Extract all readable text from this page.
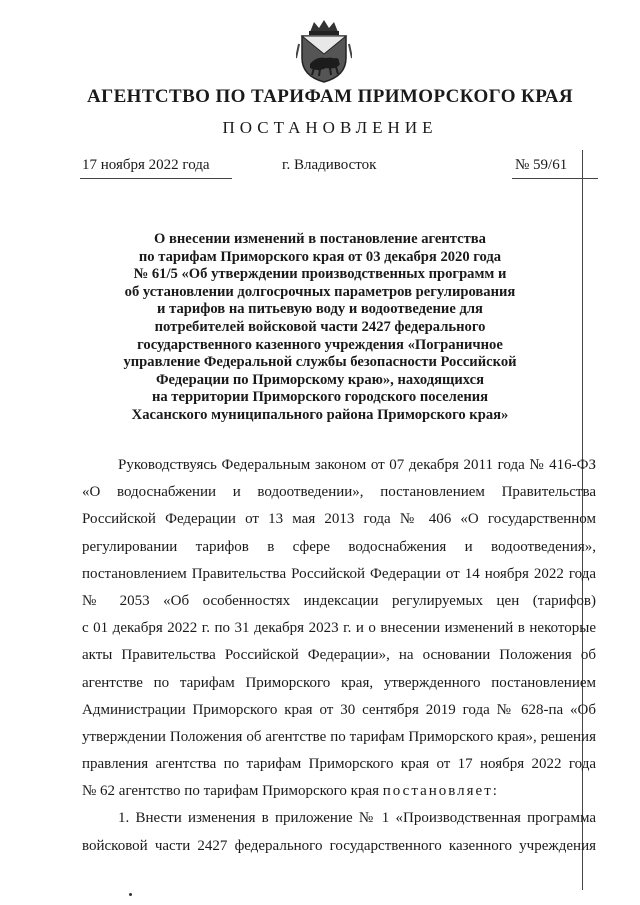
АГЕНТСТВО ПО ТАРИФАМ ПРИМОРСКОГО КРАЯ
ПОСТАНОВЛЕНИЕ
17 ноября 2022 года	г. Владивосток	№ 59/61
О внесении изменений в постановление агентства
по тарифам Приморского края от 03 декабря 2020 года
№ 61/5 «Об утверждении производственных программ и
об установлении долгосрочных параметров регулирования
и тарифов на питьевую воду и водоотведение для
потребителей войсковой части 2427 федерального
государственного казенного учреждения «Пограничное
управление Федеральной службы безопасности Российской
Федерации по Приморскому краю», находящихся
на территории Приморского городского поселения
Хасанского муниципального района Приморского края»
Руководствуясь Федеральным законом от 07 декабря 2011 года № 416-ФЗ
«О водоснабжении и водоотведении», постановлением Правительства
Российской Федерации от 13 мая 2013 года № 406 «О государственном
регулировании тарифов в сфере водоснабжения и водоотведения»,
постановлением Правительства Российской Федерации от 14 ноября 2022 года
№ 2053 «Об особенностях индексации регулируемых цен (тарифов)
с 01 декабря 2022 г. по 31 декабря 2023 г. и о внесении изменений в некоторые
акты Правительства Российской Федерации», на основании Положения об
агентстве по тарифам Приморского края, утвержденного постановлением
Администрации Приморского края от 30 сентября 2019 года № 628-па «Об
утверждении Положения об агентстве по тарифам Приморского края», решения
правления агентства по тарифам Приморского края от 17 ноября 2022 года
№ 62 агентство по тарифам Приморского края постановляет:
1. Внести изменения в приложение № 1 «Производственная программа
войсковой части 2427 федерального государственного казенного учреждения
